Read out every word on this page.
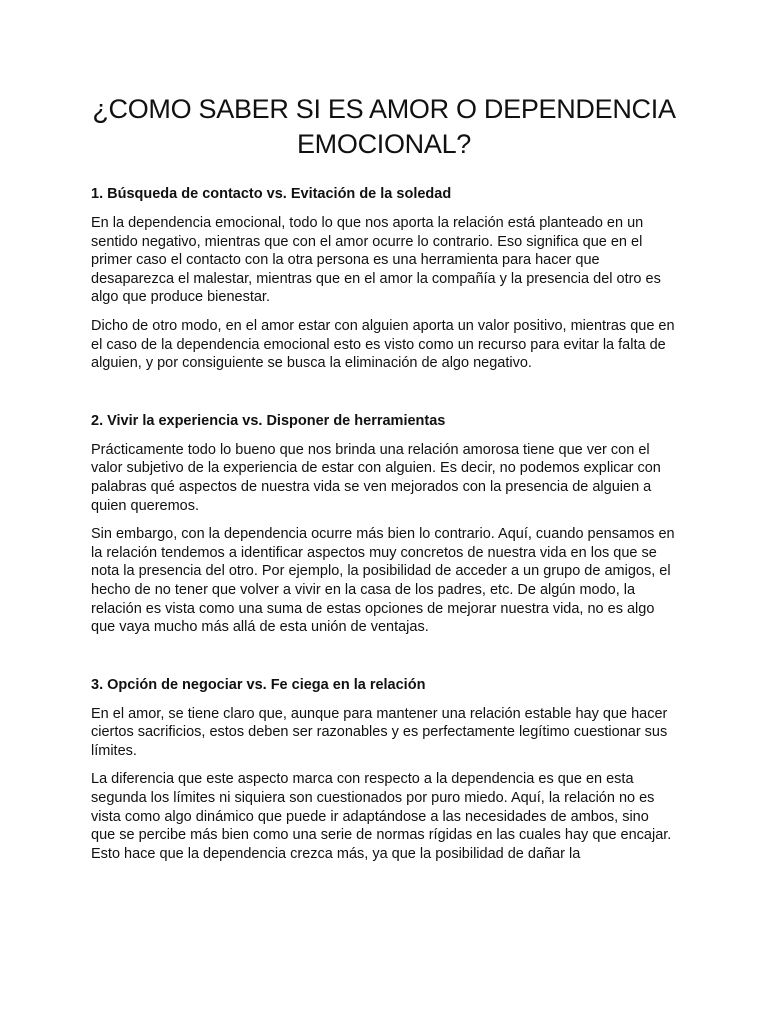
¿COMO SABER SI ES AMOR O DEPENDENCIA EMOCIONAL?
1. Búsqueda de contacto vs. Evitación de la soledad

En la dependencia emocional, todo lo que nos aporta la relación está planteado en un sentido negativo, mientras que con el amor ocurre lo contrario. Eso significa que en el primer caso el contacto con la otra persona es una herramienta para hacer que desaparezca el malestar, mientras que en el amor la compañía y la presencia del otro es algo que produce bienestar.

Dicho de otro modo, en el amor estar con alguien aporta un valor positivo, mientras que en el caso de la dependencia emocional esto es visto como un recurso para evitar la falta de alguien, y por consiguiente se busca la eliminación de algo negativo.

2. Vivir la experiencia vs. Disponer de herramientas

Prácticamente todo lo bueno que nos brinda una relación amorosa tiene que ver con el valor subjetivo de la experiencia de estar con alguien. Es decir, no podemos explicar con palabras qué aspectos de nuestra vida se ven mejorados con la presencia de alguien a quien queremos.

Sin embargo, con la dependencia ocurre más bien lo contrario. Aquí, cuando pensamos en la relación tendemos a identificar aspectos muy concretos de nuestra vida en los que se nota la presencia del otro. Por ejemplo, la posibilidad de acceder a un grupo de amigos, el hecho de no tener que volver a vivir en la casa de los padres, etc. De algún modo, la relación es vista como una suma de estas opciones de mejorar nuestra vida, no es algo que vaya mucho más allá de esta unión de ventajas.

3. Opción de negociar vs. Fe ciega en la relación

En el amor, se tiene claro que, aunque para mantener una relación estable hay que hacer ciertos sacrificios, estos deben ser razonables y es perfectamente legítimo cuestionar sus límites.

La diferencia que este aspecto marca con respecto a la dependencia es que en esta segunda los límites ni siquiera son cuestionados por puro miedo. Aquí, la relación no es vista como algo dinámico que puede ir adaptándose a las necesidades de ambos, sino que se percibe más bien como una serie de normas rígidas en las cuales hay que encajar. Esto hace que la dependencia crezca más, ya que la posibilidad de dañar la
